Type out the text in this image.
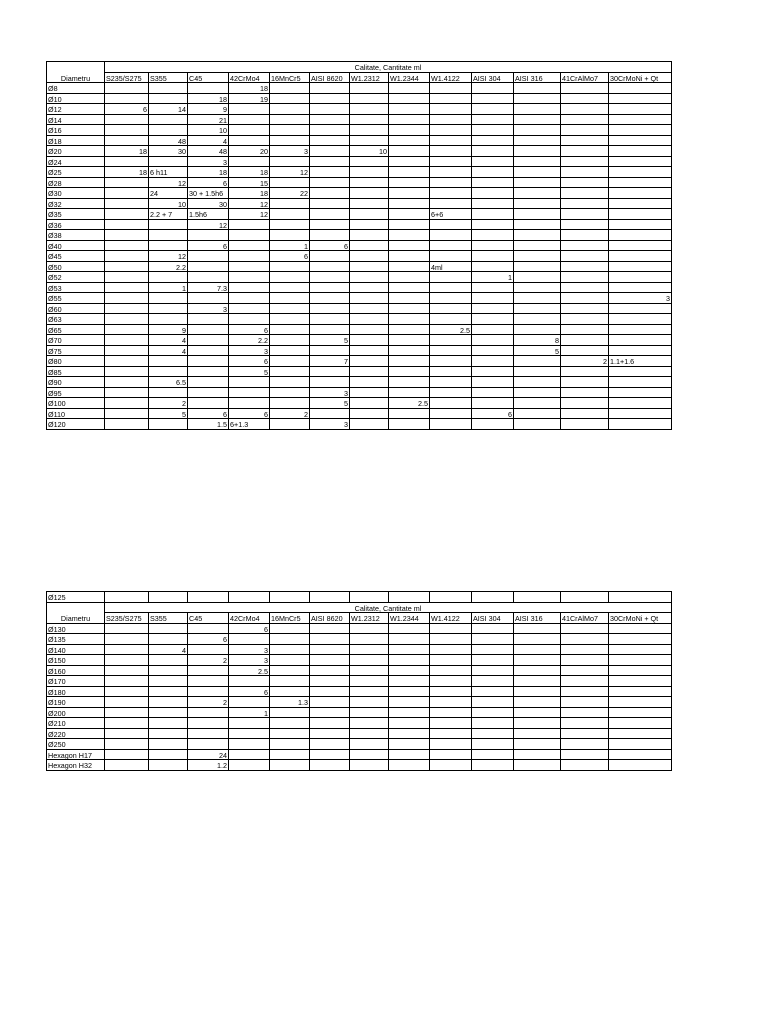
Diametru	Calitate, Cantitate ml												
	S235/S275	S355	C45	42CrMo4	16MnCr5	AISI 8620	W1.2312	W1.2344	W1.4122	AISI 304	AISI 316	41CrAlMo7	30CrMoNi + Qt
Ø8				18									
Ø10			18	19									
Ø12	6	14	9										
Ø14			21										
Ø16			10										
Ø18		48	4										
Ø20	18	30	48	20	3		10						
Ø24			3										
Ø25	18	6 h11	18	18	12								
Ø28		12	6	15									
Ø30		24	30 + 1.5h6	18	22								
Ø32		10	30	12									
Ø35		2.2 + 7	1.5h6	12					6+6				
Ø36			12										
Ø38													
Ø40			6		1	6							
Ø45		12			6								
Ø50		2.2							4ml				
Ø52										1			
Ø53		1	7.3										
Ø55													3
Ø60			3										
Ø63													
Ø65		9		6					2.5				
Ø70		4		2.2		5					8		
Ø75		4		3							5		
Ø80				6		7						2	1.1+1.6
Ø85				5									
Ø90		6.5											
Ø95						3							
Ø100		2				5		2.5					
Ø110		5	6	6	2					6			
Ø120			1.5	6+1.3		3							
Ø125													
Diametru	Calitate, Cantitate ml												
	S235/S275	S355	C45	42CrMo4	16MnCr5	AISI 8620	W1.2312	W1.2344	W1.4122	AISI 304	AISI 316	41CrAlMo7	30CrMoNi + Qt
Ø130				6									
Ø135			6										
Ø140		4		3									
Ø150			2	3									
Ø160				2.5									
Ø170													
Ø180				6									
Ø190			2		1.3								
Ø200				1									
Ø210													
Ø220													
Ø250													
Hexagon H17			24										
Hexagon H32			1.2										
